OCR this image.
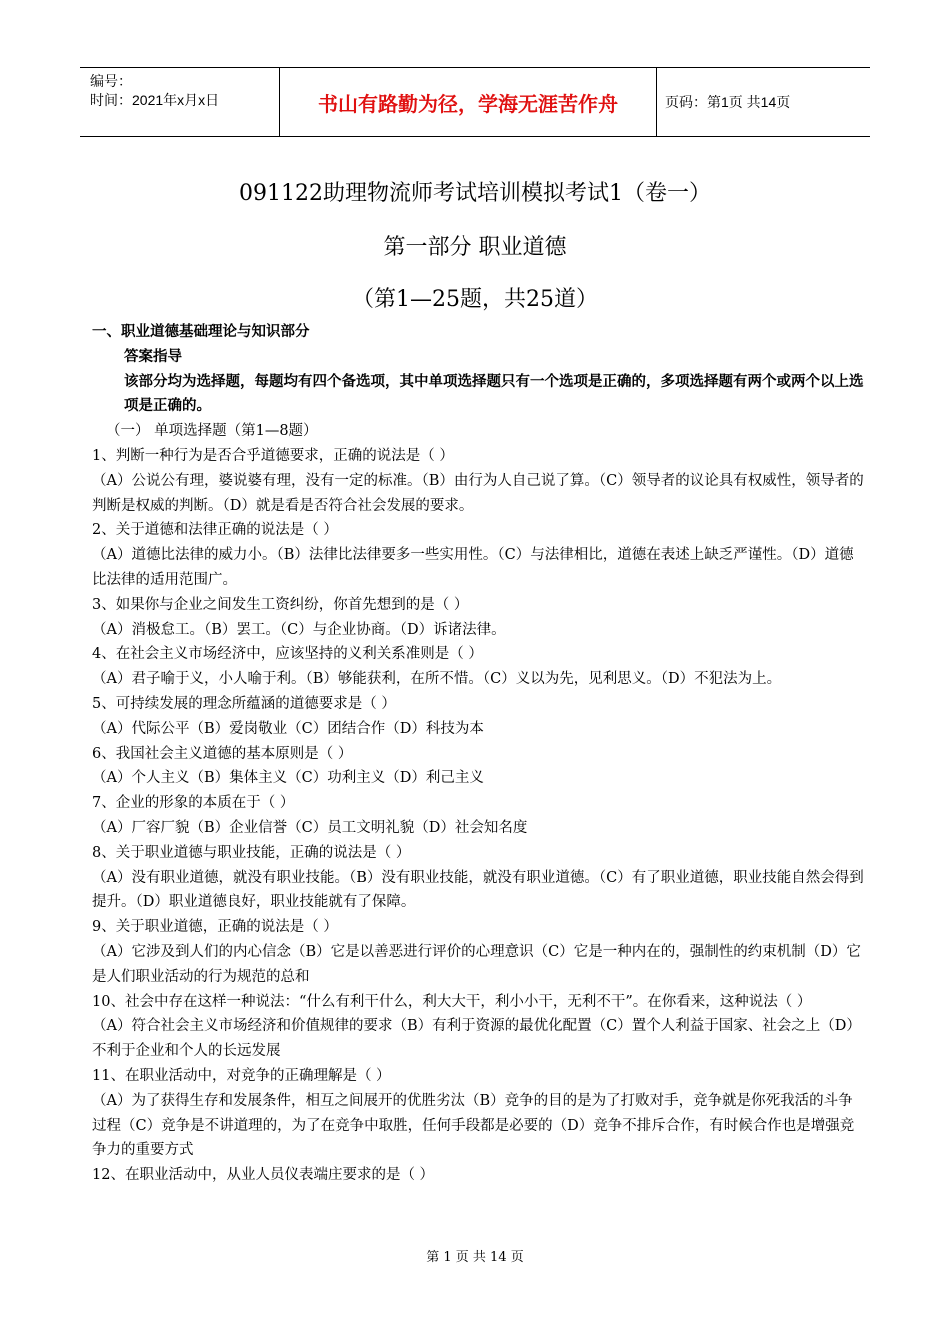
编号：
时间：2021年x月x日	书山有路勤为径，学海无涯苦作舟	页码：第1页 共14页
091122助理物流师考试培训模拟考试1（卷一）
第一部分 职业道德
（第1—25题，共25道）

一、职业道德基础理论与知识部分

答案指导

该部分均为选择题，每题均有四个备选项，其中单项选择题只有一个选项是正确的，多项选择题有两个或两个以上选项是正确的。

（一） 单项选择题（第1—8题）

1、判断一种行为是否合乎道德要求，正确的说法是（ ）

（A）公说公有理，婆说婆有理，没有一定的标准。（B）由行为人自己说了算。（C）领导者的议论具有权威性，领导者的判断是权威的判断。（D）就是看是否符合社会发展的要求。

2、关于道德和法律正确的说法是（ ）

（A）道德比法律的威力小。（B）法律比法律要多一些实用性。（C）与法律相比，道德在表述上缺乏严谨性。（D）道德比法律的适用范围广。

3、如果你与企业之间发生工资纠纷，你首先想到的是（ ）

（A）消极怠工。（B）罢工。（C）与企业协商。（D）诉诸法律。

4、在社会主义市场经济中，应该坚持的义利关系准则是（ ）

（A）君子喻于义，小人喻于利。（B）够能获利，在所不惜。（C）义以为先，见利思义。（D）不犯法为上。

5、可持续发展的理念所蕴涵的道德要求是（ ）

（A）代际公平（B）爱岗敬业（C）团结合作（D）科技为本

6、我国社会主义道德的基本原则是（ ）

（A）个人主义（B）集体主义（C）功利主义（D）利己主义

7、企业的形象的本质在于（ ）

（A）厂容厂貌（B）企业信誉（C）员工文明礼貌（D）社会知名度

8、关于职业道德与职业技能，正确的说法是（ ）

（A）没有职业道德，就没有职业技能。（B）没有职业技能，就没有职业道德。（C）有了职业道德，职业技能自然会得到提升。（D）职业道德良好，职业技能就有了保障。

9、关于职业道德，正确的说法是（ ）

（A）它涉及到人们的内心信念（B）它是以善恶进行评价的心理意识（C）它是一种内在的，强制性的约束机制（D）它是人们职业活动的行为规范的总和

10、社会中存在这样一种说法：“什么有利干什么，利大大干，利小小干，无利不干”。在你看来，这种说法（ ）

（A）符合社会主义市场经济和价值规律的要求（B）有利于资源的最优化配置（C）置个人利益于国家、社会之上（D）不利于企业和个人的长远发展

11、在职业活动中，对竞争的正确理解是（ ）

（A）为了获得生存和发展条件，相互之间展开的优胜劣汰（B）竞争的目的是为了打败对手，竞争就是你死我活的斗争过程（C）竞争是不讲道理的，为了在竞争中取胜，任何手段都是必要的（D）竞争不排斥合作，有时候合作也是增强竞争力的重要方式

12、在职业活动中，从业人员仪表端庄要求的是（ ）

第 1 页 共 14 页
